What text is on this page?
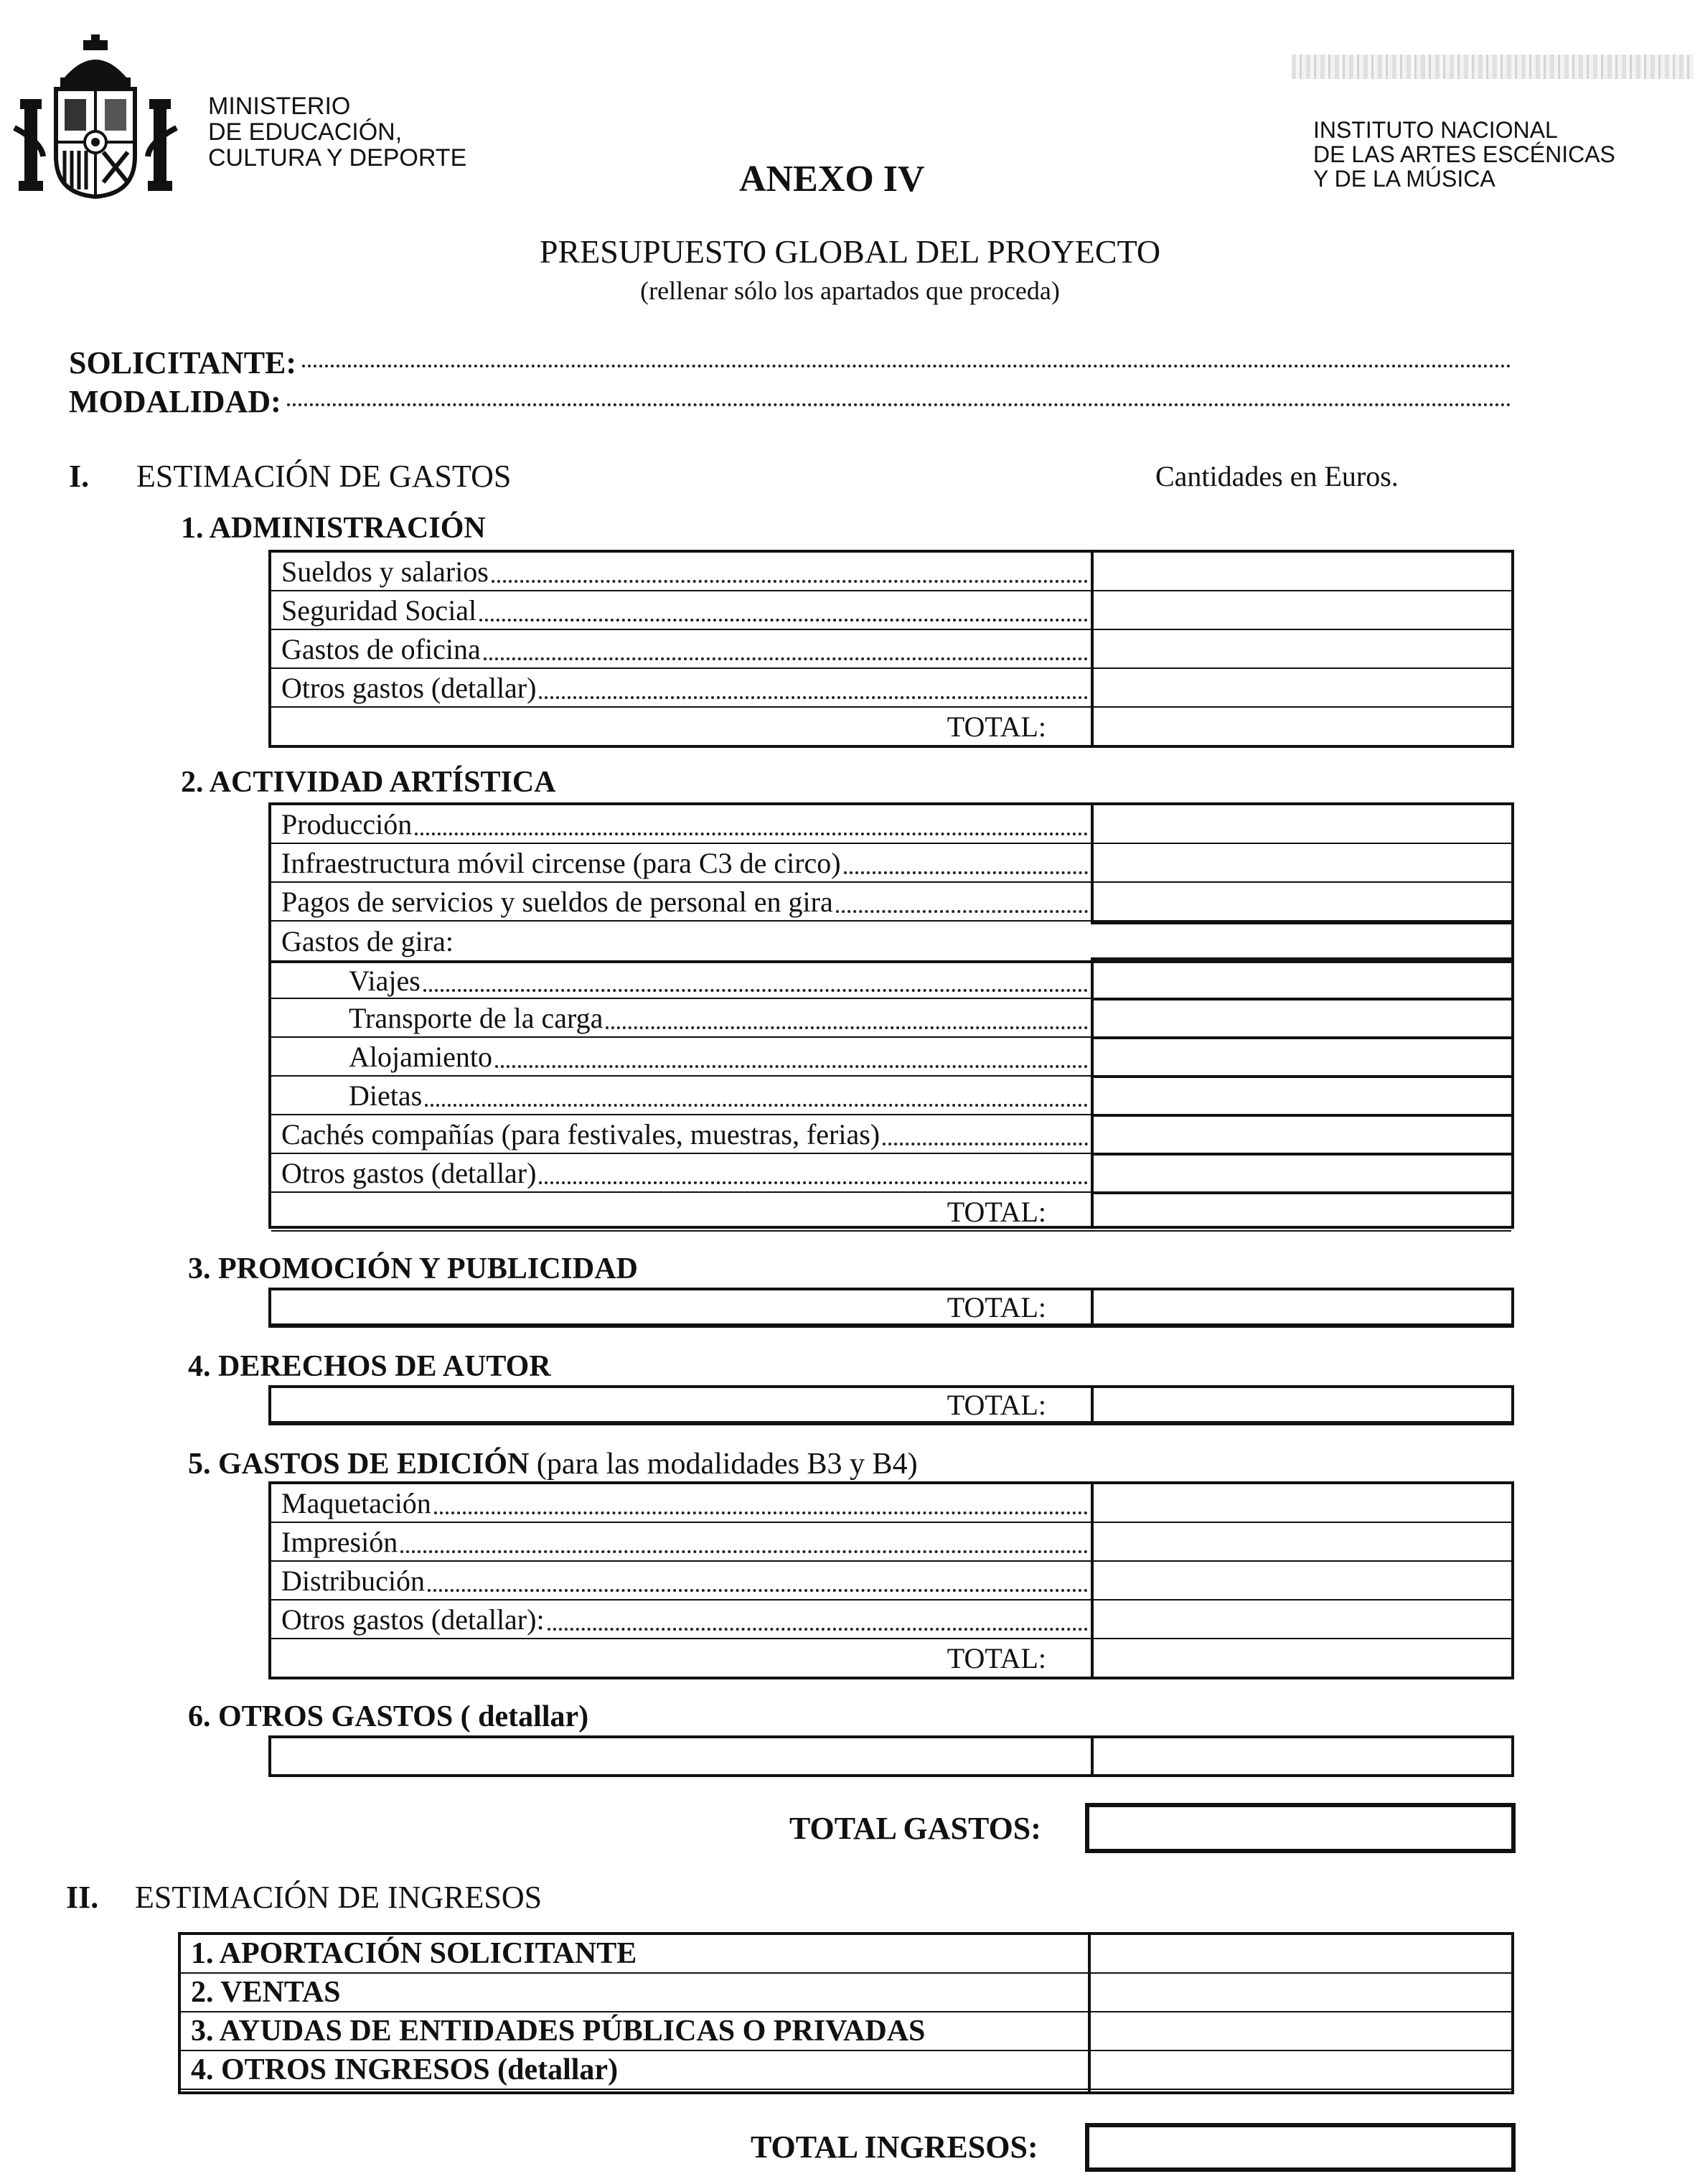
MINISTERIO
DE EDUCACIÓN,
CULTURA Y DEPORTE
INSTITUTO NACIONAL
DE LAS ARTES ESCÉNICAS
Y DE LA MÚSICA
ANEXO IV
PRESUPUESTO GLOBAL DEL PROYECTO
(rellenar sólo los apartados que proceda)
SOLICITANTE:
MODALIDAD:
I. ESTIMACIÓN DE GASTOS	Cantidades en Euros.
1. ADMINISTRACIÓN
Sueldos y salarios
Seguridad Social
Gastos de oficina
Otros gastos (detallar)
TOTAL:
2. ACTIVIDAD ARTÍSTICA
Producción
Infraestructura móvil circense (para C3 de circo)
Pagos de servicios y sueldos de personal en gira
Gastos de gira:
Viajes
Transporte de la carga
Alojamiento
Dietas
Cachés compañías (para festivales, muestras, ferias)
Otros gastos (detallar)
TOTAL:
3. PROMOCIÓN Y PUBLICIDAD
TOTAL:
4. DERECHOS DE AUTOR
TOTAL:
5. GASTOS DE EDICIÓN (para las modalidades B3 y B4)
Maquetación
Impresión
Distribución
Otros gastos (detallar):
TOTAL:
6. OTROS GASTOS ( detallar)
TOTAL GASTOS:
II. ESTIMACIÓN DE INGRESOS
1. APORTACIÓN SOLICITANTE
2. VENTAS
3. AYUDAS DE ENTIDADES PÚBLICAS O PRIVADAS
4. OTROS INGRESOS (detallar)
TOTAL INGRESOS:
